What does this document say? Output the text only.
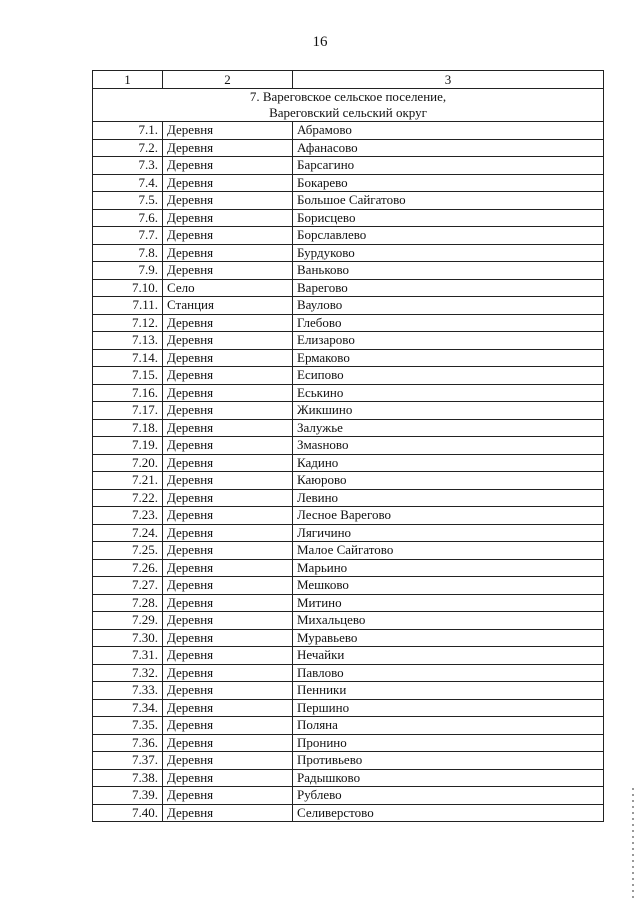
16
1	2	3

7. Вареговское сельское поселение,
Вареговский сельский округ		

7.1.	Деревня	Абрамово
7.2.	Деревня	Афанасово
7.3.	Деревня	Барсагино
7.4.	Деревня	Бокарево
7.5.	Деревня	Большое Сайгатово
7.6.	Деревня	Борисцево
7.7.	Деревня	Борславлево
7.8.	Деревня	Бурдуково
7.9.	Деревня	Ваньково
7.10.	Село	Варегово
7.11.	Станция	Ваулово
7.12.	Деревня	Глебово
7.13.	Деревня	Елизарово
7.14.	Деревня	Ермаково
7.15.	Деревня	Есипово
7.16.	Деревня	Еськино
7.17.	Деревня	Жикшино
7.18.	Деревня	Залужье
7.19.	Деревня	Змаsново
7.20.	Деревня	Кадино
7.21.	Деревня	Каюрово
7.22.	Деревня	Левино
7.23.	Деревня	Лесное Варегово
7.24.	Деревня	Лягичино
7.25.	Деревня	Малое Сайгатово
7.26.	Деревня	Марьино
7.27.	Деревня	Мешково
7.28.	Деревня	Митино
7.29.	Деревня	Михальцево
7.30.	Деревня	Муравьево
7.31.	Деревня	Нечайки
7.32.	Деревня	Павлово
7.33.	Деревня	Пенники
7.34.	Деревня	Першино
7.35.	Деревня	Поляна
7.36.	Деревня	Пронино
7.37.	Деревня	Противьево
7.38.	Деревня	Радышково
7.39.	Деревня	Рублево
7.40.	Деревня	Селиверстово
